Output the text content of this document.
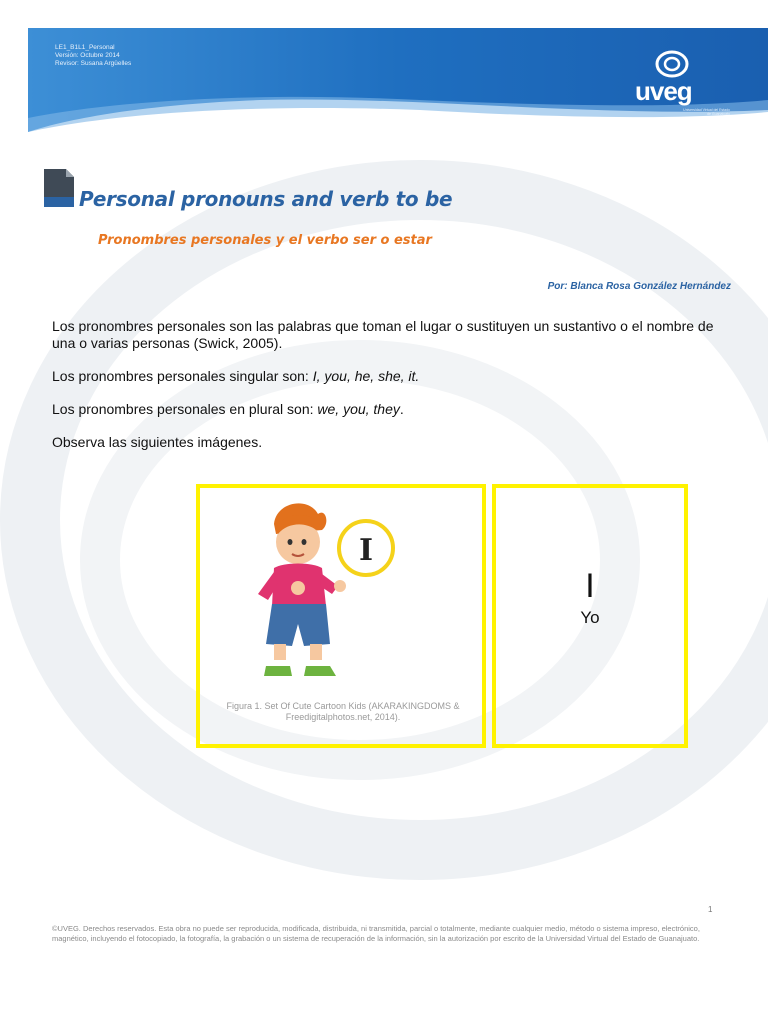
LE1_B1L1_Personal
Versión: Octubre 2014
Revisor: Susana Argüelles
uveg
Universidad Virtual del Estado de Guanajuato
Personal pronouns and verb to be
Pronombres personales y el verbo ser o estar
Por: Blanca Rosa González Hernández
Los pronombres personales son las palabras que toman el lugar o sustituyen un sustantivo o el nombre de una o varias personas (Swick, 2005).
Los pronombres personales singular son: I, you, he, she, it.
Los pronombres personales en plural son: we, you, they.
Observa las siguientes imágenes.
I
Figura 1. Set Of Cute Cartoon Kids (AKARAKINGDOMS & Freedigitalphotos.net, 2014).
I
Yo
1
©UVEG. Derechos reservados. Esta obra no puede ser reproducida, modificada, distribuida, ni transmitida, parcial o totalmente, mediante cualquier medio, método o sistema impreso, electrónico, magnético, incluyendo el fotocopiado, la fotografía, la grabación o un sistema de recuperación de la información, sin la autorización por escrito de la Universidad Virtual del Estado de Guanajuato.
